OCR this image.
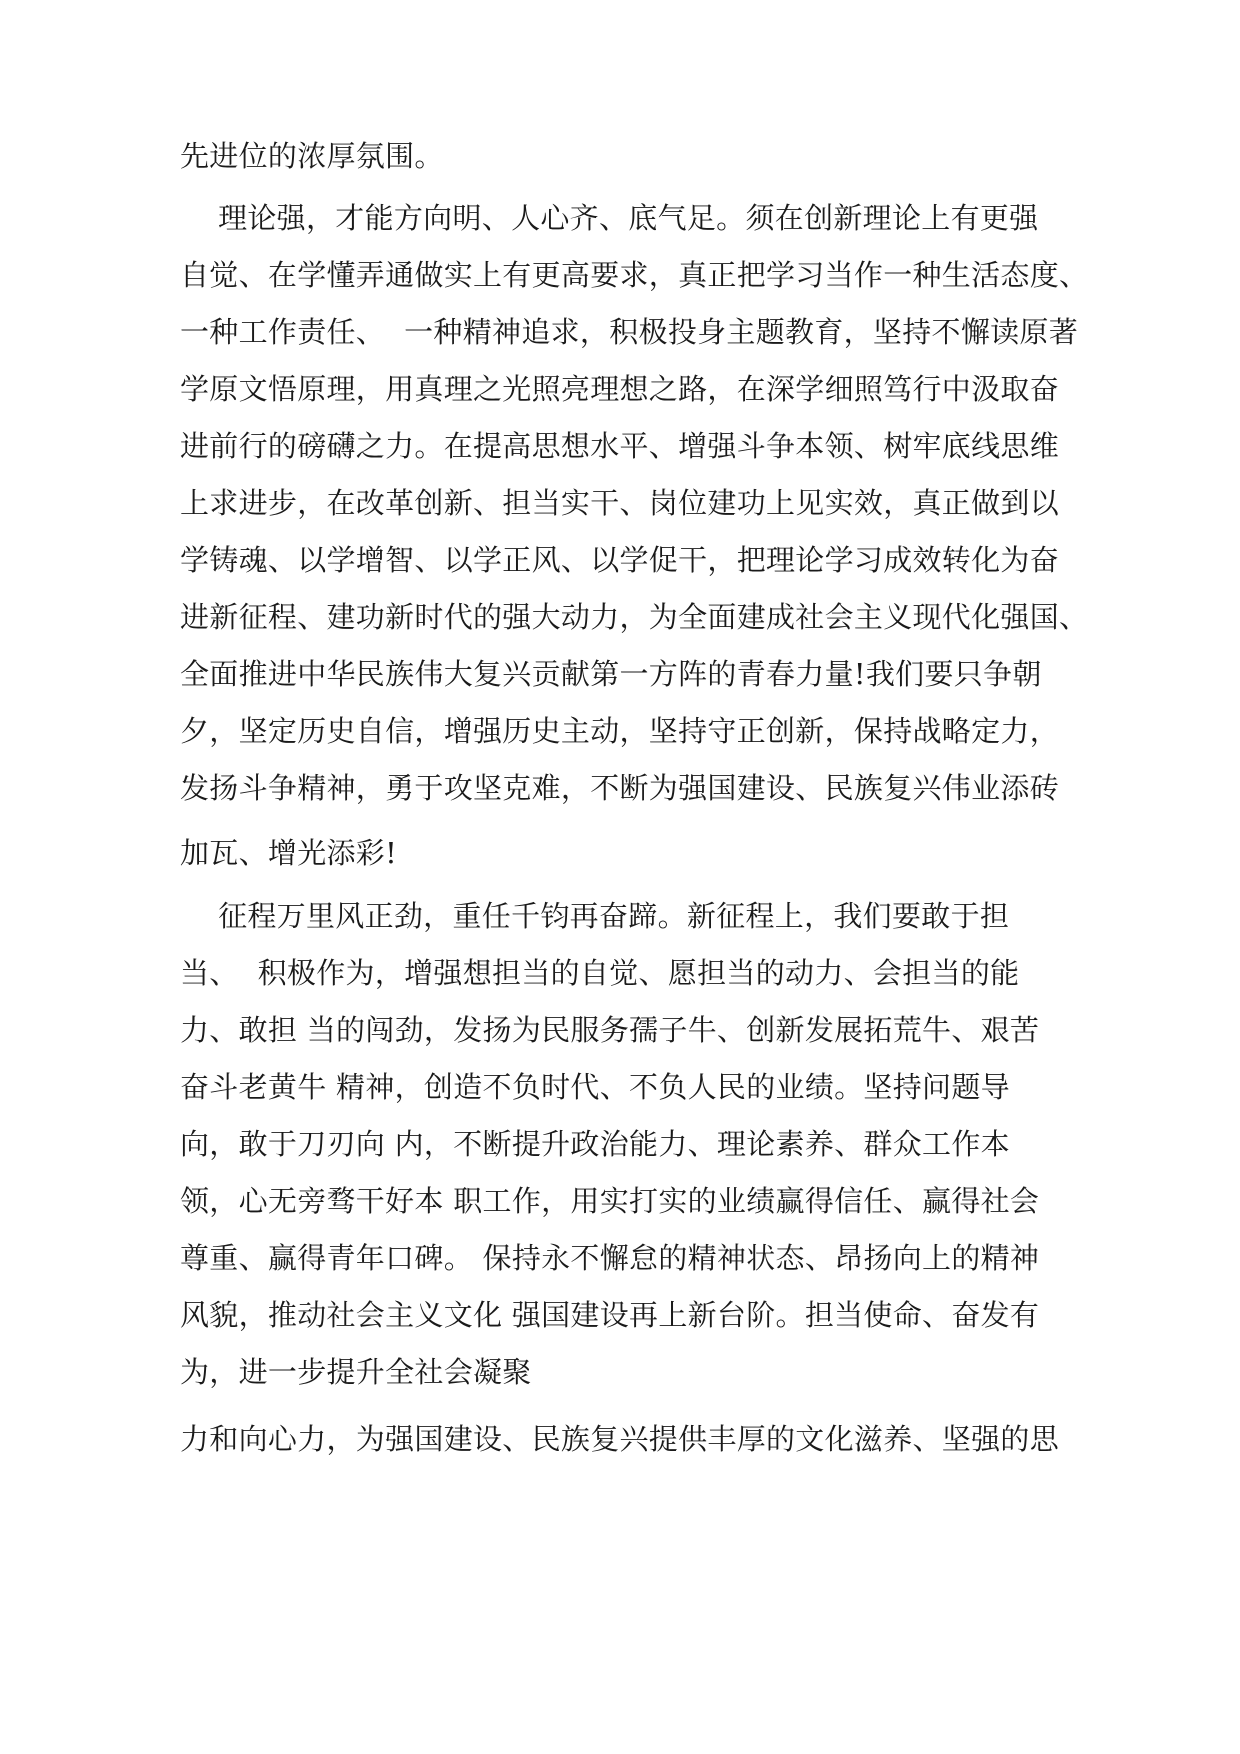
先进位的浓厚氛围。
理论强，才能方向明、人心齐、底气足。须在创新理论上有更强
自觉、在学懂弄通做实上有更高要求，真正把学习当作一种生活态度、
一种工作责任、  一种精神追求，积极投身主题教育，坚持不懈读原著
学原文悟原理，用真理之光照亮理想之路，在深学细照笃行中汲取奋
进前行的磅礴之力。在提高思想水平、增强斗争本领、树牢底线思维
上求进步，在改革创新、担当实干、岗位建功上见实效，真正做到以
学铸魂、以学增智、以学正风、以学促干，把理论学习成效转化为奋
进新征程、建功新时代的强大动力，为全面建成社会主义现代化强国、
全面推进中华民族伟大复兴贡献第一方阵的青春力量!我们要只争朝
夕，坚定历史自信，增强历史主动，坚持守正创新，保持战略定力，
发扬斗争精神，勇于攻坚克难，不断为强国建设、民族复兴伟业添砖
加瓦、增光添彩!
征程万里风正劲，重任千钧再奋蹄。新征程上，我们要敢于担
当、  积极作为，增强想担当的自觉、愿担当的动力、会担当的能
力、敢担 当的闯劲，发扬为民服务孺子牛、创新发展拓荒牛、艰苦
奋斗老黄牛 精神，创造不负时代、不负人民的业绩。坚持问题导
向，敢于刀刃向 内，不断提升政治能力、理论素养、群众工作本
领，心无旁骛干好本 职工作，用实打实的业绩赢得信任、赢得社会
尊重、赢得青年口碑。 保持永不懈怠的精神状态、昂扬向上的精神
风貌，推动社会主义文化 强国建设再上新台阶。担当使命、奋发有
为，进一步提升全社会凝聚
力和向心力，为强国建设、民族复兴提供丰厚的文化滋养、坚强的思
